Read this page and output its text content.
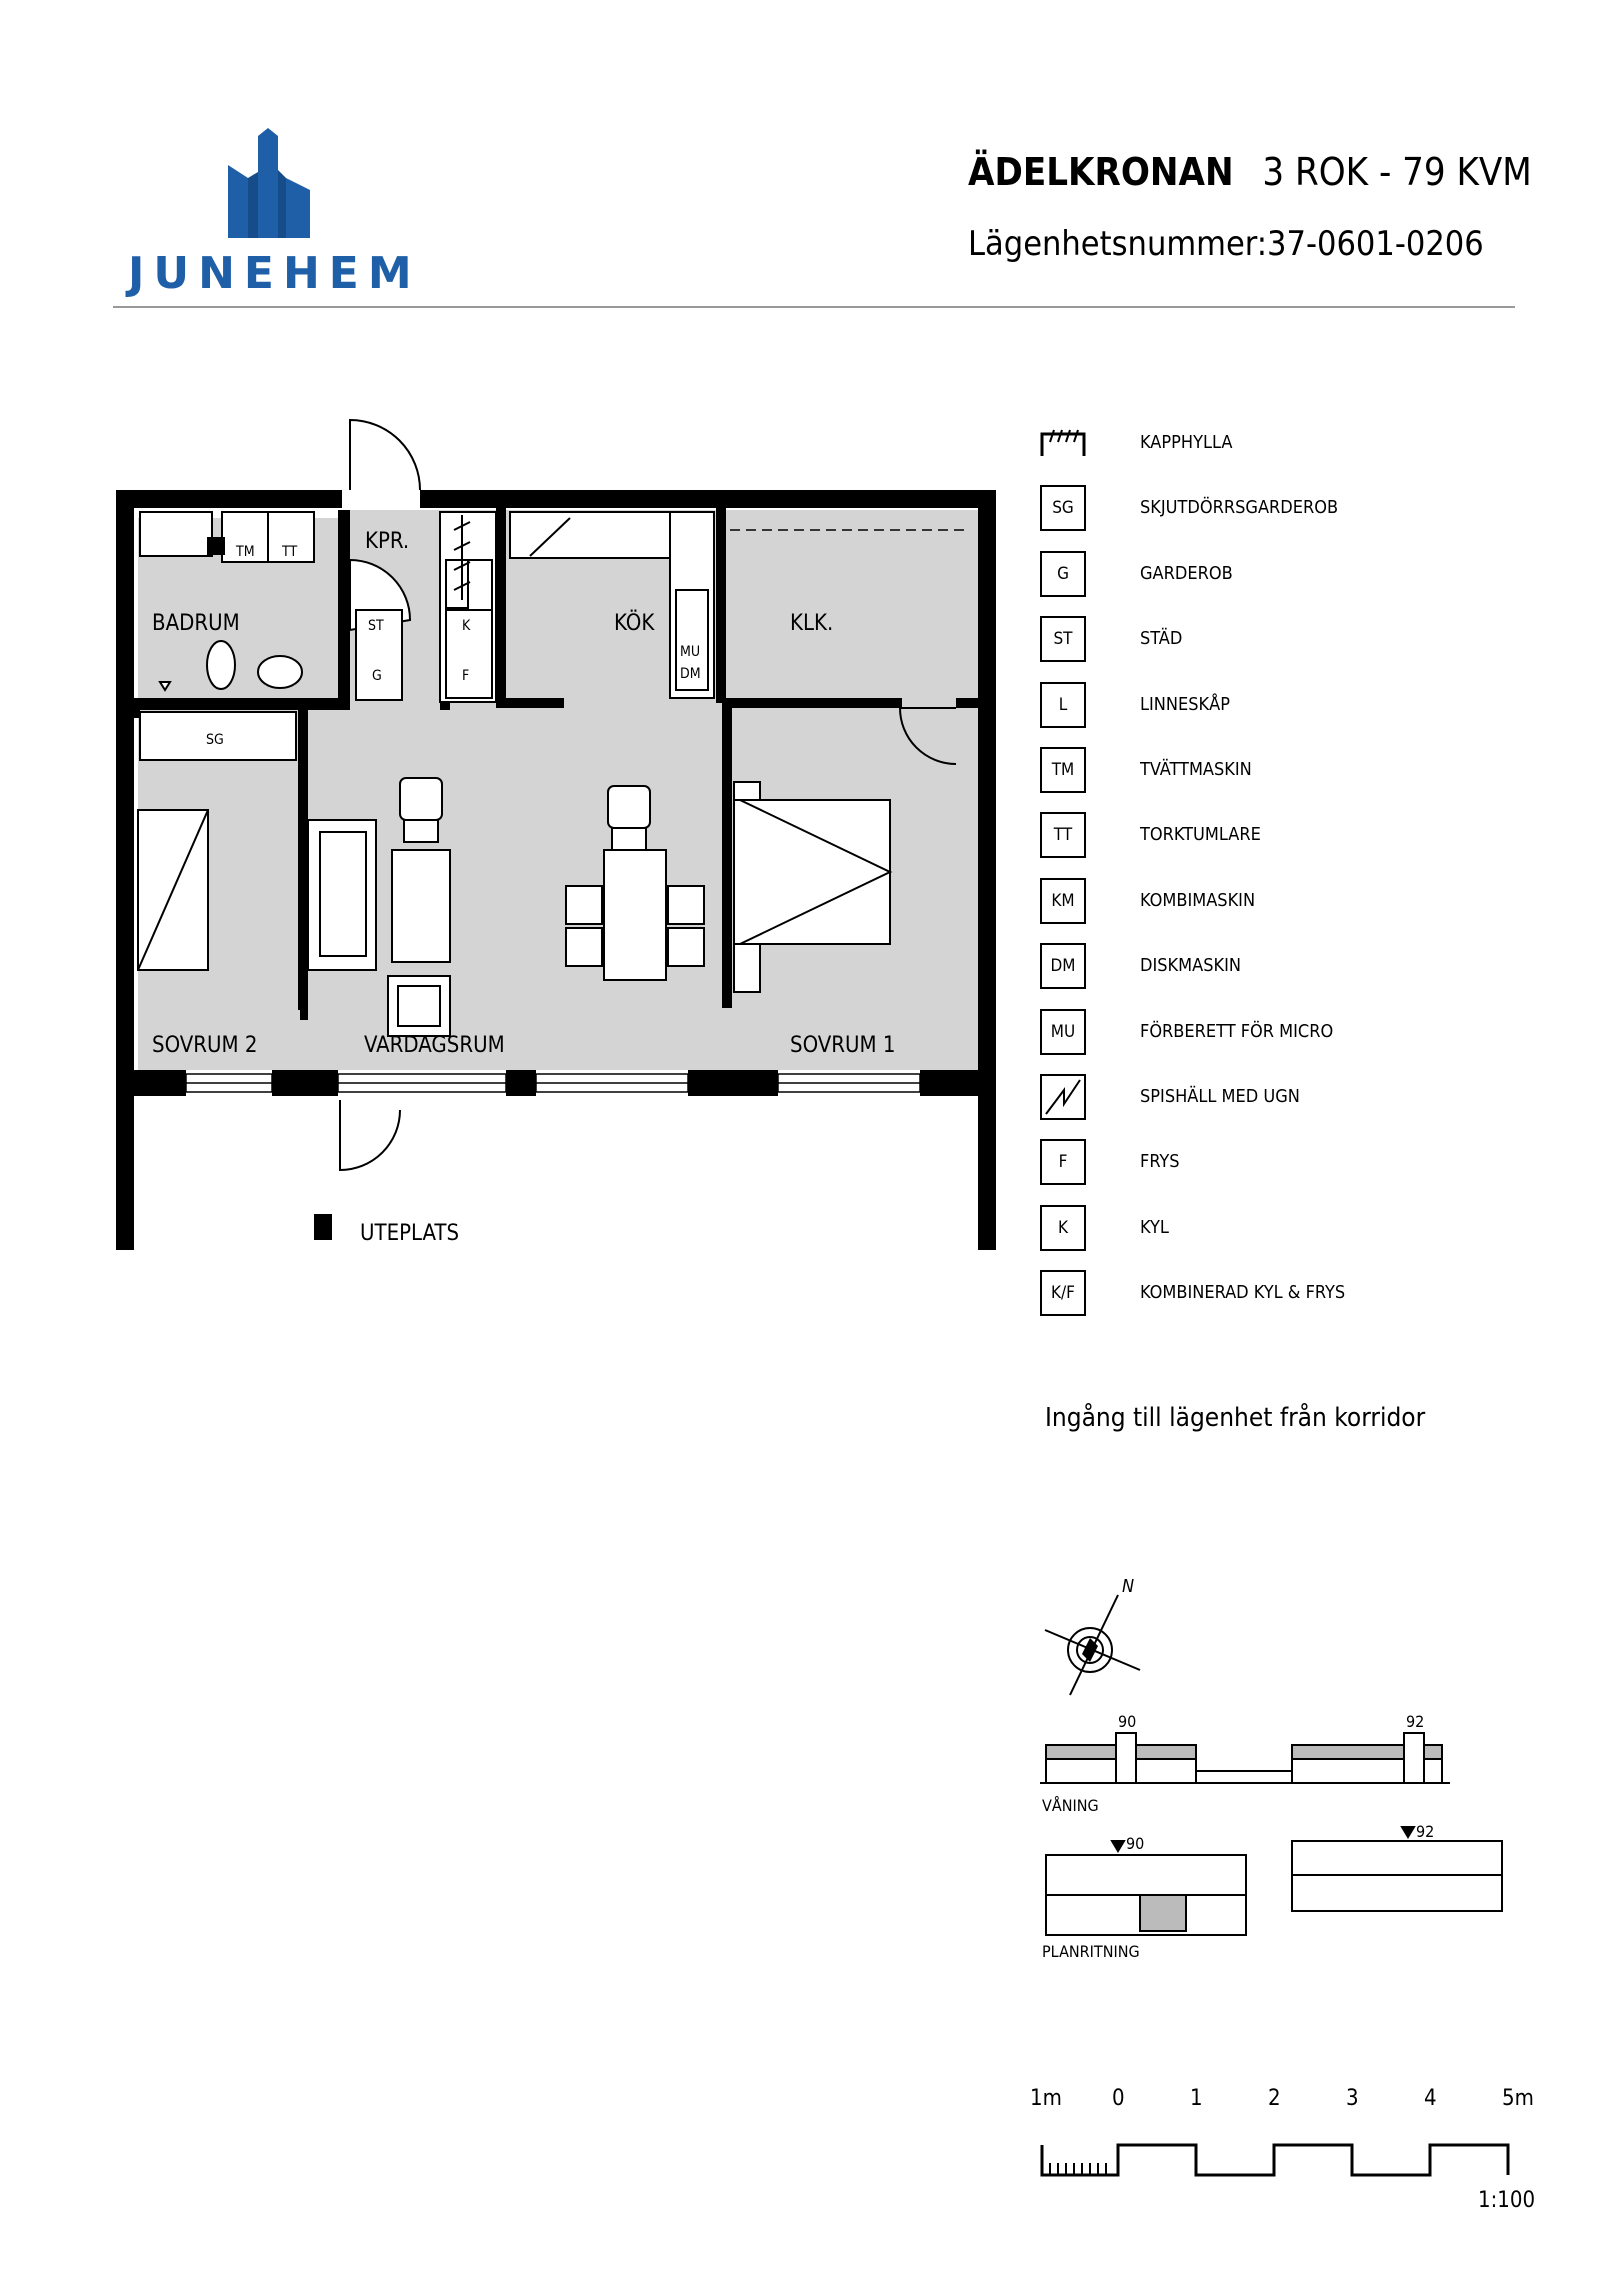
JUNEHEM
ÄDELKRONAN 3 ROK - 79 KVM
Lägenhetsnummer:37-0601-0206
KPR.
BADRUM	KÖK	KLK.
SOVRUM 2	VARDAGSRUM	SOVRUM 1
UTEPLATS
TM TT
SG
ST
G
K
F
MU
DM
KAPPHYLLA
SG	SKJUTDÖRRSGARDEROB
G	GARDEROB
ST	STÄD
L	LINNESKÅP
TM	TVÄTTMASKIN
TT	TORKTUMLARE
KM	KOMBIMASKIN
DM	DISKMASKIN
MU	FÖRBERETT FÖR MICRO
SPISHÄLL MED UGN
F	FRYS
K	KYL
K/F	KOMBINERAD KYL & FRYS
Ingång till lägenhet från korridor
N
90	92
VÅNING
90
92
PLANRITNING
1m 0	1	2	3	4	5m
1:100
